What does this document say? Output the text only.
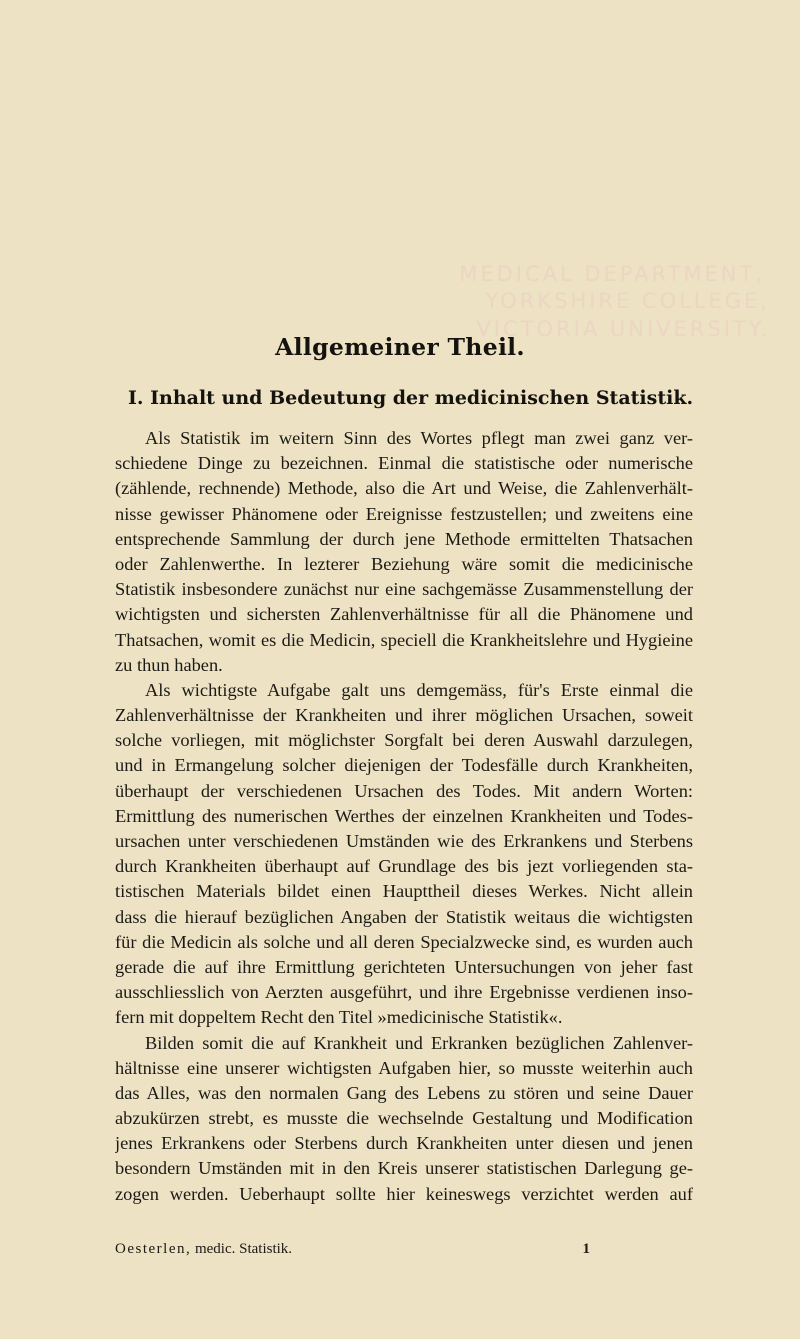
MEDICAL DEPARTMENT,
YORKSHIRE COLLEGE,
VICTORIA UNIVERSITY.
Allgemeiner Theil.
I. Inhalt und Bedeutung der medicinischen Statistik.
Als Statistik im weitern Sinn des Wortes pflegt man zwei ganz ver-
schiedene Dinge zu bezeichnen. Einmal die statistische oder numerische
(zählende, rechnende) Methode, also die Art und Weise, die Zahlenverhält-
nisse gewisser Phänomene oder Ereignisse festzustellen; und zweitens eine
entsprechende Sammlung der durch jene Methode ermittelten Thatsachen
oder Zahlenwerthe. In lezterer Beziehung wäre somit die medicinische
Statistik insbesondere zunächst nur eine sachgemässe Zusammenstellung der
wichtigsten und sichersten Zahlenverhältnisse für all die Phänomene und
Thatsachen, womit es die Medicin, speciell die Krankheitslehre und Hygieine
zu thun haben.
Als wichtigste Aufgabe galt uns demgemäss, für's Erste einmal die
Zahlenverhältnisse der Krankheiten und ihrer möglichen Ursachen, soweit
solche vorliegen, mit möglichster Sorgfalt bei deren Auswahl darzulegen,
und in Ermangelung solcher diejenigen der Todesfälle durch Krankheiten,
überhaupt der verschiedenen Ursachen des Todes. Mit andern Worten:
Ermittlung des numerischen Werthes der einzelnen Krankheiten und Todes-
ursachen unter verschiedenen Umständen wie des Erkrankens und Sterbens
durch Krankheiten überhaupt auf Grundlage des bis jezt vorliegenden sta-
tistischen Materials bildet einen Haupttheil dieses Werkes. Nicht allein
dass die hierauf bezüglichen Angaben der Statistik weitaus die wichtigsten
für die Medicin als solche und all deren Specialzwecke sind, es wurden auch
gerade die auf ihre Ermittlung gerichteten Untersuchungen von jeher fast
ausschliesslich von Aerzten ausgeführt, und ihre Ergebnisse verdienen inso-
fern mit doppeltem Recht den Titel »medicinische Statistik«.
Bilden somit die auf Krankheit und Erkranken bezüglichen Zahlenver-
hältnisse eine unserer wichtigsten Aufgaben hier, so musste weiterhin auch
das Alles, was den normalen Gang des Lebens zu stören und seine Dauer
abzukürzen strebt, es musste die wechselnde Gestaltung und Modification
jenes Erkrankens oder Sterbens durch Krankheiten unter diesen und jenen
besondern Umständen mit in den Kreis unserer statistischen Darlegung ge-
zogen werden. Ueberhaupt sollte hier keineswegs verzichtet werden auf
Oesterlen, medic. Statistik.	1
